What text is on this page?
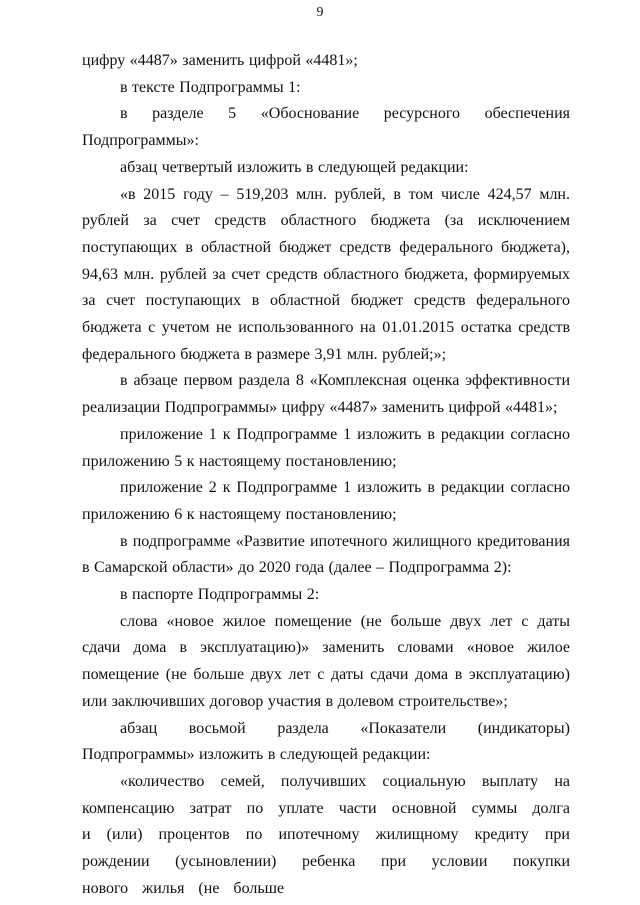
9

цифру «4487» заменить цифрой «4481»;

в тексте Подпрограммы 1:

в разделе 5 «Обоснование ресурсного обеспечения Подпрограммы»:

абзац четвертый изложить в следующей редакции:

«в 2015 году – 519,203 млн. рублей, в том числе 424,57 млн. рублей за счет средств областного бюджета (за исключением поступающих в областной бюджет средств федерального бюджета), 94,63 млн. рублей за счет средств областного бюджета, формируемых за счет поступающих в областной бюджет средств федерального бюджета с учетом не использованного на 01.01.2015 остатка средств федерального бюджета в размере 3,91 млн. рублей;»;

в абзаце первом раздела 8 «Комплексная оценка эффективности реализации Подпрограммы» цифру «4487» заменить цифрой «4481»;

приложение 1 к Подпрограмме 1 изложить в редакции согласно приложению 5 к настоящему постановлению;

приложение 2 к Подпрограмме 1 изложить в редакции согласно приложению 6 к настоящему постановлению;

в подпрограмме «Развитие ипотечного жилищного кредитования в Самарской области» до 2020 года (далее – Подпрограмма 2):

в паспорте Подпрограммы 2:

слова «новое жилое помещение (не больше двух лет с даты сдачи дома в эксплуатацию)» заменить словами «новое жилое помещение (не больше двух лет с даты сдачи дома в эксплуатацию) или заключивших договор участия в долевом строительстве»;

абзац восьмой раздела «Показатели (индикаторы) Подпрограммы» изложить в следующей редакции:

«количество семей, получивших социальную выплату на компенсацию затрат по уплате части основной суммы долга и (или) процентов по ипотечному жилищному кредиту при рождении (усыновлении) ребенка при условии покупки нового жилья (не больше
